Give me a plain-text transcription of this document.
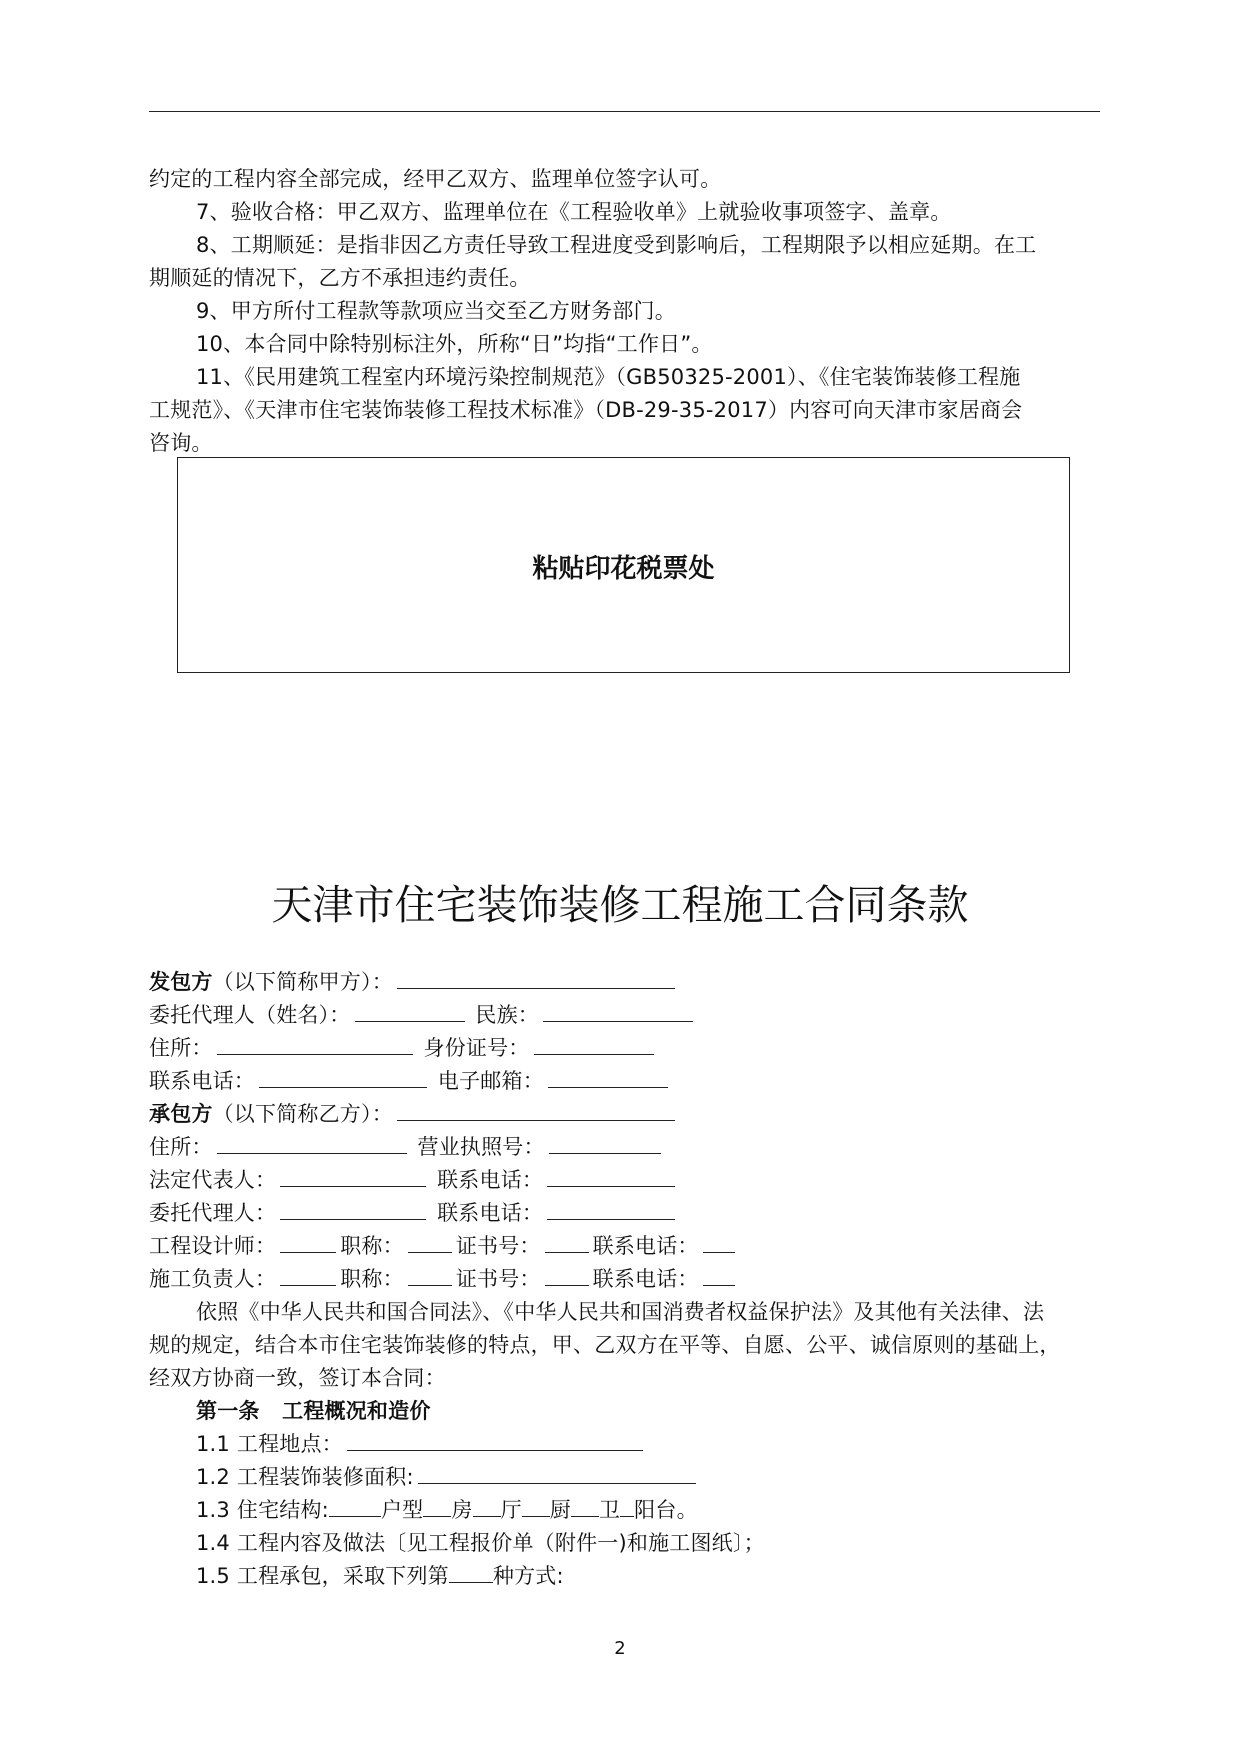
约定的工程内容全部完成，经甲乙双方、监理单位签字认可。
7、验收合格：甲乙双方、监理单位在《工程验收单》上就验收事项签字、盖章。
8、工期顺延：是指非因乙方责任导致工程进度受到影响后，工程期限予以相应延期。在工
期顺延的情况下，乙方不承担违约责任。
9、甲方所付工程款等款项应当交至乙方财务部门。
10、本合同中除特别标注外，所称“日”均指“工作日”。
11、《民用建筑工程室内环境污染控制规范》（GB50325-2001）、《住宅装饰装修工程施
工规范》、《天津市住宅装饰装修工程技术标准》（DB-29-35-2017）内容可向天津市家居商会
咨询。
粘贴印花税票处
天津市住宅装饰装修工程施工合同条款
发包方（以下简称甲方）：
委托代理人（姓名）：	民族：
住所：	身份证号：
联系电话：	电子邮箱：
承包方（以下简称乙方）：
住所：	营业执照号：
法定代表人：	联系电话：
委托代理人：	联系电话：
工程设计师：	职称： 证书号： 联系电话：
施工负责人：	职称： 证书号： 联系电话：
依照《中华人民共和国合同法》、《中华人民共和国消费者权益保护法》及其他有关法律、法
规的规定，结合本市住宅装饰装修的特点，甲、乙双方在平等、自愿、公平、诚信原则的基础上，
经双方协商一致，签订本合同：
第一条   工程概况和造价
1.1 工程地点：
1.2 工程装饰装修面积:
1.3 住宅结构: 户型 房 厅 厨 卫 阳台。
1.4 工程内容及做法〔见工程报价单（附件一)和施工图纸〕；
1.5 工程承包，采取下列第 种方式:
2
